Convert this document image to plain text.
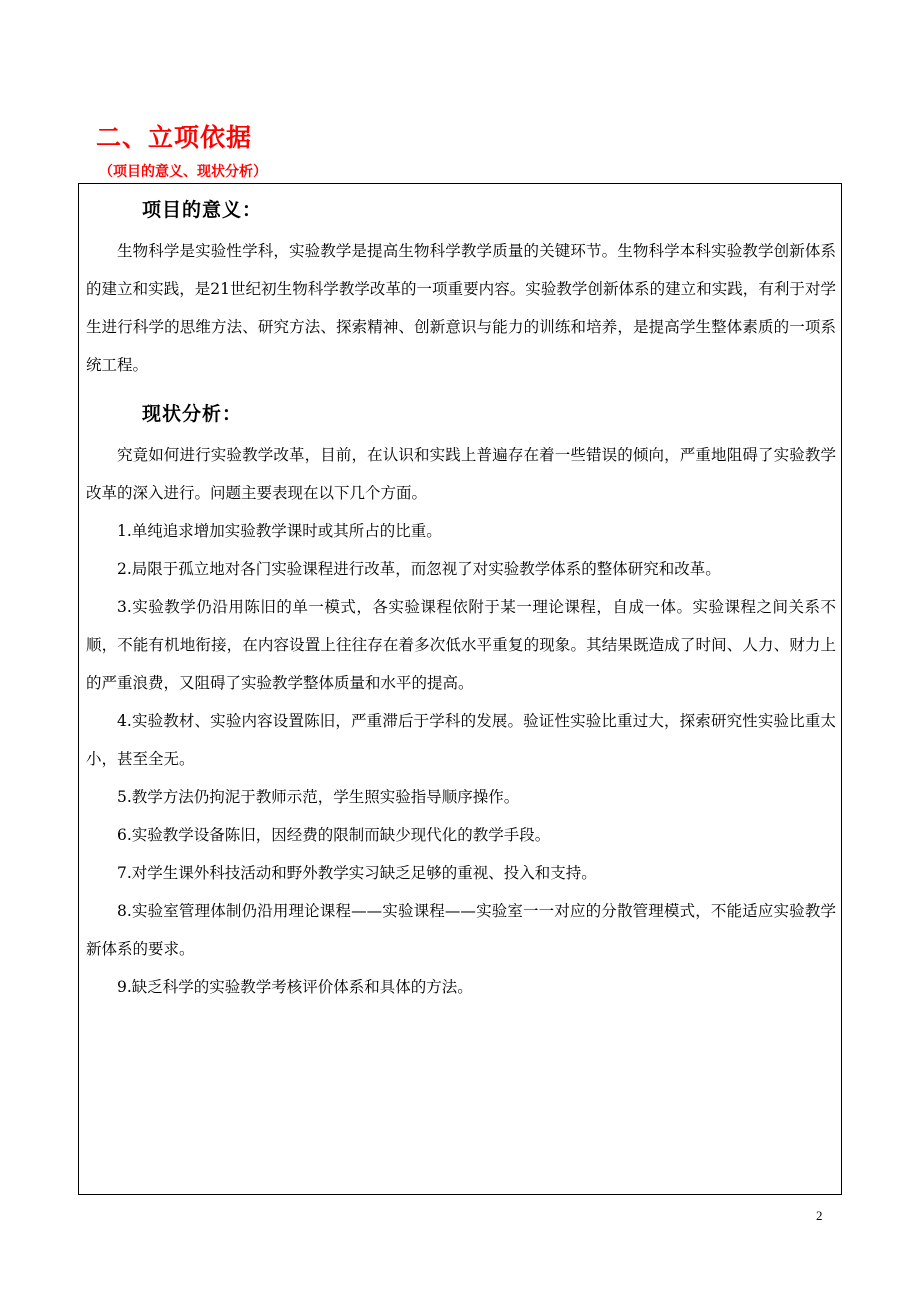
二、立项依据

（项目的意义、现状分析）

项目的意义：

生物科学是实验性学科，实验教学是提高生物科学教学质量的关键环节。生物科学本科实验教学创新体系的建立和实践，是21世纪初生物科学教学改革的一项重要内容。实验教学创新体系的建立和实践，有利于对学生进行科学的思维方法、研究方法、探索精神、创新意识与能力的训练和培养，是提高学生整体素质的一项系统工程。

现状分析：

究竟如何进行实验教学改革，目前，在认识和实践上普遍存在着一些错误的倾向，严重地阻碍了实验教学改革的深入进行。问题主要表现在以下几个方面。

1.单纯追求增加实验教学课时或其所占的比重。

2.局限于孤立地对各门实验课程进行改革，而忽视了对实验教学体系的整体研究和改革。

3.实验教学仍沿用陈旧的单一模式，各实验课程依附于某一理论课程，自成一体。实验课程之间关系不顺，不能有机地衔接，在内容设置上往往存在着多次低水平重复的现象。其结果既造成了时间、人力、财力上的严重浪费，又阻碍了实验教学整体质量和水平的提高。

4.实验教材、实验内容设置陈旧，严重滞后于学科的发展。验证性实验比重过大，探索研究性实验比重太小，甚至全无。

5.教学方法仍拘泥于教师示范，学生照实验指导顺序操作。

6.实验教学设备陈旧，因经费的限制而缺少现代化的教学手段。

7.对学生课外科技活动和野外教学实习缺乏足够的重视、投入和支持。

8.实验室管理体制仍沿用理论课程——实验课程——实验室一一对应的分散管理模式，不能适应实验教学新体系的要求。

9.缺乏科学的实验教学考核评价体系和具体的方法。

2
